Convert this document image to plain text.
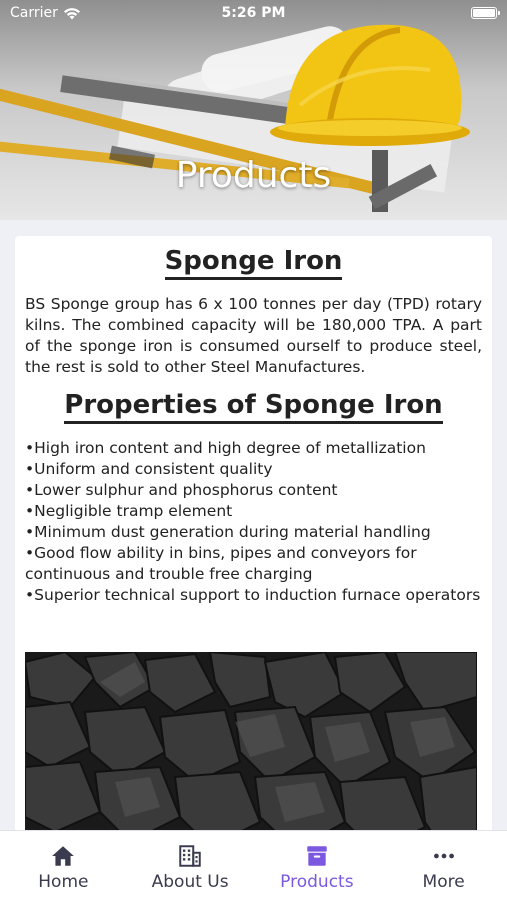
Carrier	5:26 PM
Products
Sponge Iron

BS Sponge group has 6 x 100 tonnes per day (TPD) rotary kilns. The combined capacity will be 180,000 TPA. A part of the sponge iron is consumed ourself to produce steel, the rest is sold to other Steel Manufactures.

Properties of Sponge Iron
• High iron content and high degree of metallization
• Uniform and consistent quality
• Lower sulphur and phosphorus content
• Negligible tramp element
• Minimum dust generation during material handling
• Good flow ability in bins, pipes and conveyors for continuous and trouble free charging
• Superior technical support to induction furnace operators
Home	About Us	Products	More
